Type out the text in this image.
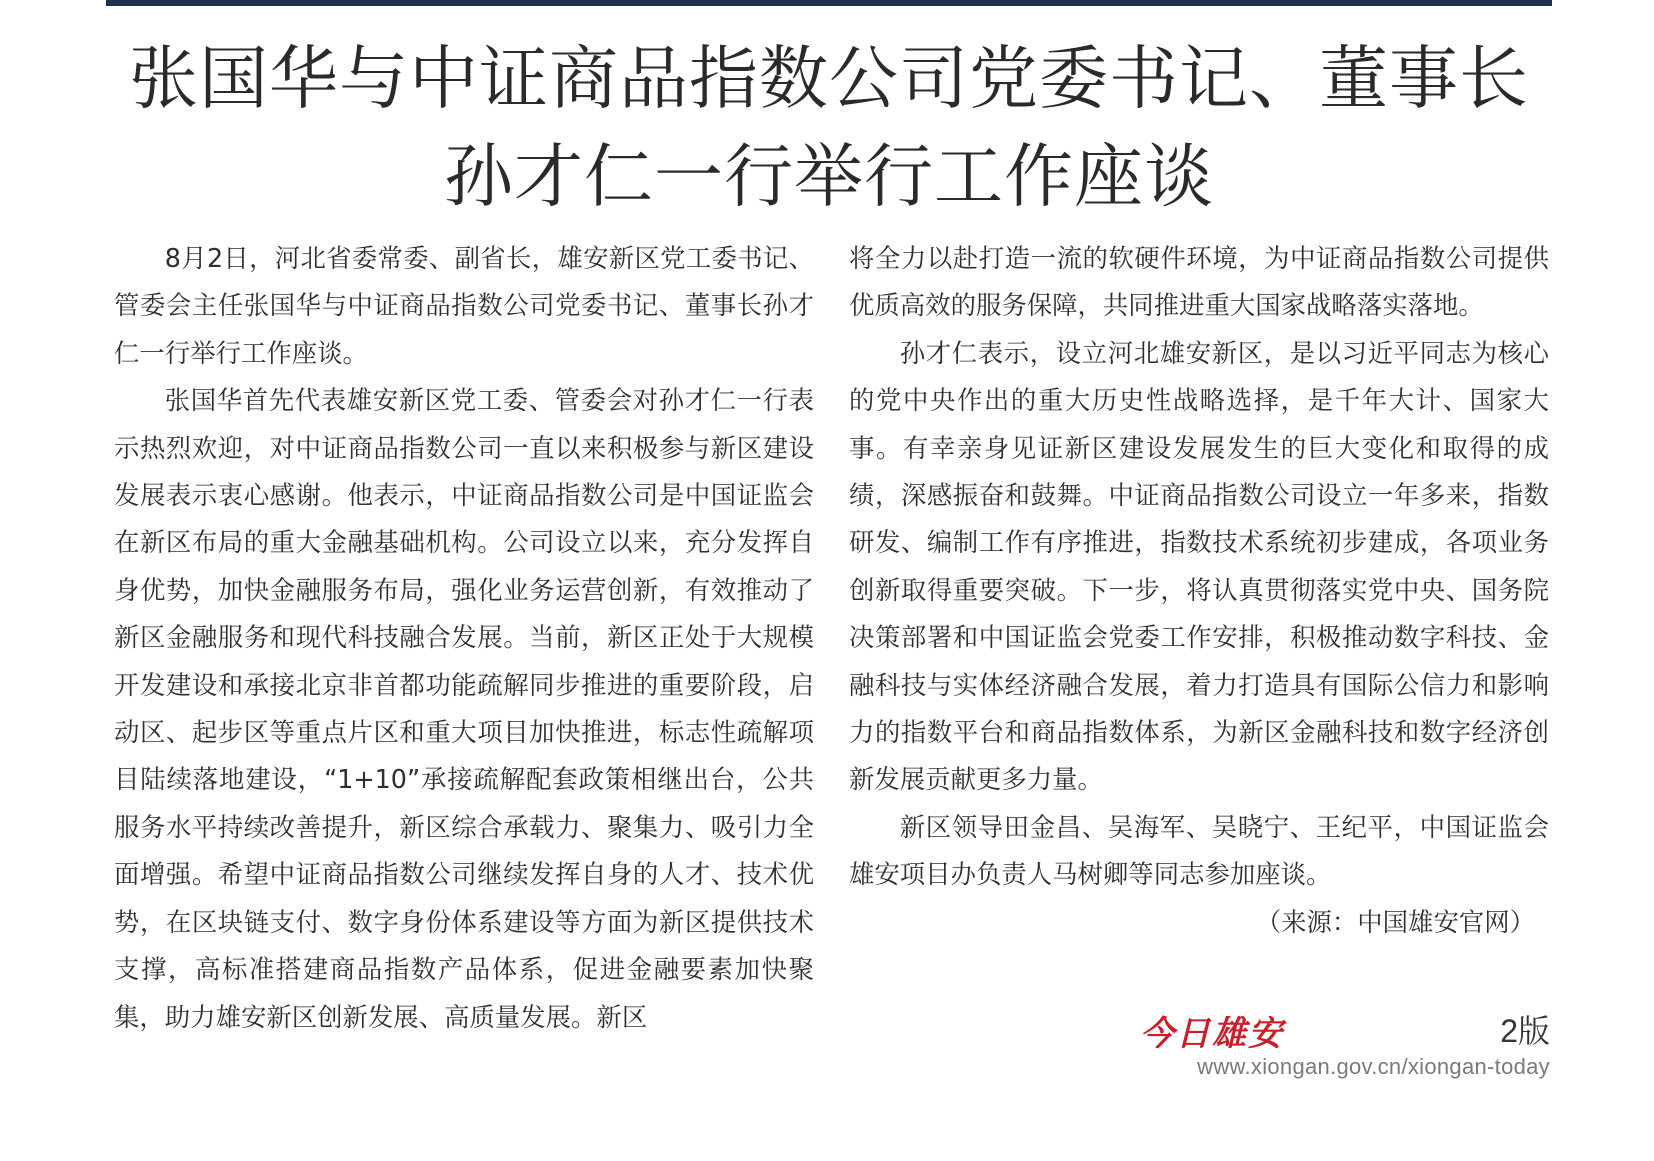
张国华与中证商品指数公司党委书记、董事长
孙才仁一行举行工作座谈

8月2日，河北省委常委、副省长，雄安新区党工委书记、管委会主任张国华与中证商品指数公司党委书记、董事长孙才仁一行举行工作座谈。

张国华首先代表雄安新区党工委、管委会对孙才仁一行表示热烈欢迎，对中证商品指数公司一直以来积极参与新区建设发展表示衷心感谢。他表示，中证商品指数公司是中国证监会在新区布局的重大金融基础机构。公司设立以来，充分发挥自身优势，加快金融服务布局，强化业务运营创新，有效推动了新区金融服务和现代科技融合发展。当前，新区正处于大规模开发建设和承接北京非首都功能疏解同步推进的重要阶段，启动区、起步区等重点片区和重大项目加快推进，标志性疏解项目陆续落地建设，“1+10”承接疏解配套政策相继出台，公共服务水平持续改善提升，新区综合承载力、聚集力、吸引力全面增强。希望中证商品指数公司继续发挥自身的人才、技术优势，在区块链支付、数字身份体系建设等方面为新区提供技术支撑，高标准搭建商品指数产品体系，促进金融要素加快聚集，助力雄安新区创新发展、高质量发展。新区

将全力以赴打造一流的软硬件环境，为中证商品指数公司提供优质高效的服务保障，共同推进重大国家战略落实落地。

孙才仁表示，设立河北雄安新区，是以习近平同志为核心的党中央作出的重大历史性战略选择，是千年大计、国家大事。有幸亲身见证新区建设发展发生的巨大变化和取得的成绩，深感振奋和鼓舞。中证商品指数公司设立一年多来，指数研发、编制工作有序推进，指数技术系统初步建成，各项业务创新取得重要突破。下一步，将认真贯彻落实党中央、国务院决策部署和中国证监会党委工作安排，积极推动数字科技、金融科技与实体经济融合发展，着力打造具有国际公信力和影响力的指数平台和商品指数体系，为新区金融科技和数字经济创新发展贡献更多力量。

新区领导田金昌、吴海军、吴晓宁、王纪平，中国证监会雄安项目办负责人马树卿等同志参加座谈。

（来源：中国雄安官网）

今日雄安	2版
www.xiongan.gov.cn/xiongan-today
